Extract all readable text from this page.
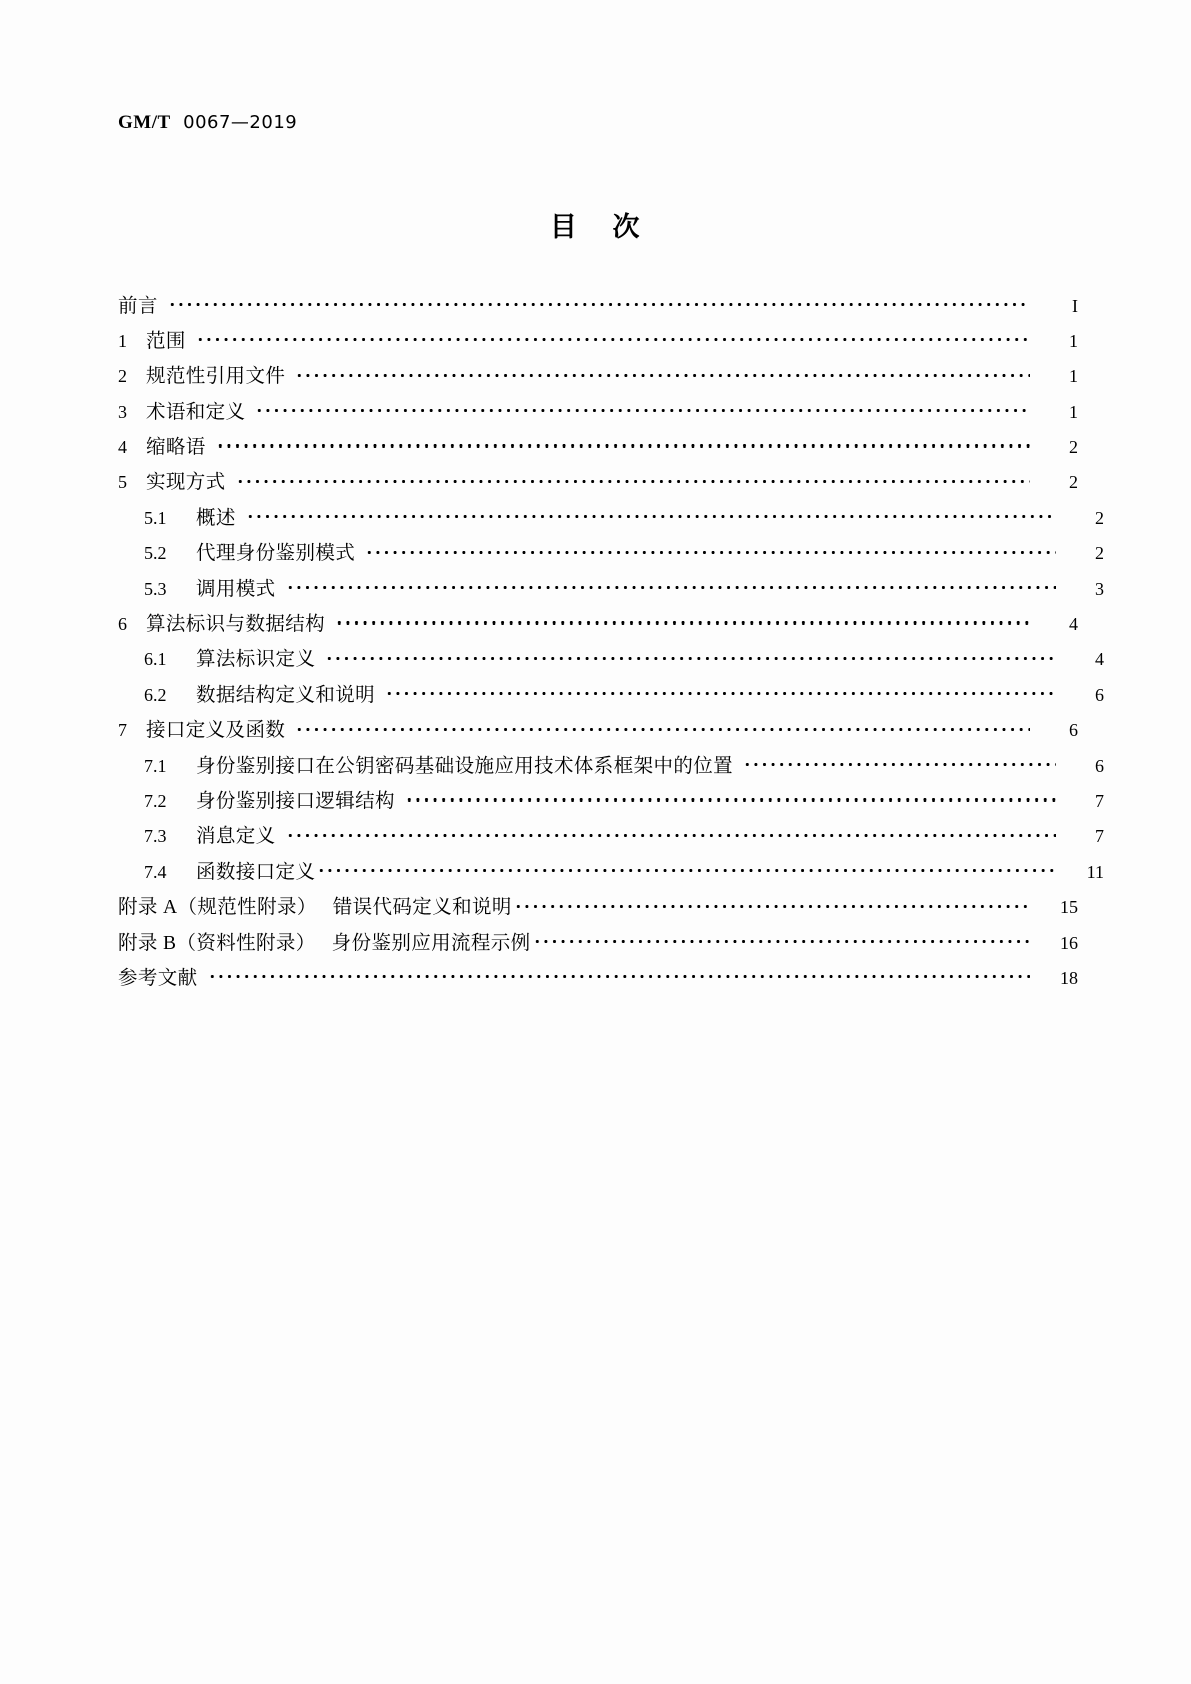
GM/T 0067—2019
目 次
前言	I
1 范围	1
2 规范性引用文件	1
3 术语和定义	1
4 缩略语	2
5 实现方式	2
5.1	概述	2
5.2	代理身份鉴别模式	2
5.3	调用模式	3
6 算法标识与数据结构	4
6.1	算法标识定义	4
6.2	数据结构定义和说明	6
7 接口定义及函数	6
7.1	身份鉴别接口在公钥密码基础设施应用技术体系框架中的位置	6
7.2	身份鉴别接口逻辑结构	7
7.3	消息定义	7
7.4	函数接口定义	11
附录 A（规范性附录） 错误代码定义和说明	15
附录 B（资料性附录） 身份鉴别应用流程示例	16
参考文献	18
